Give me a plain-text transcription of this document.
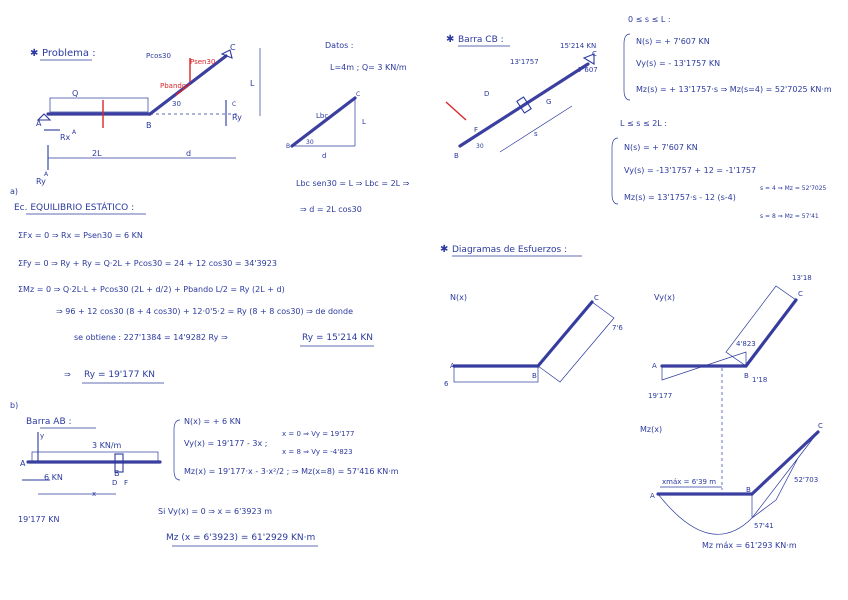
✱ Problema :
Q
Pcos30
Psen30
Pbando
30
A	B
C
Rx
A
Ry
A
Ry
C
L
2L	d
Datos :
L=4m ; Q= 3 KN/m
Lbc
L
d
30
B
C
Lbc sen30 = L ⇒ Lbc = 2L ⇒
⇒ d = 2L cos30
a)
Ec. EQUILIBRIO ESTÁTICO :
ΣFx = 0 ⇒ Rx = Psen30 = 6 KN
ΣFy = 0 ⇒ Ry + Ry = Q·2L + Pcos30 = 24 + 12 cos30 = 34'3923
ΣMz = 0 ⇒ Q·2L·L + Pcos30 (2L + d/2) + Pbando L/2 = Ry (2L + d)
⇒ 96 + 12 cos30 (8 + 4 cos30) + 12·0'5·2 = Ry (8 + 8 cos30) ⇒ de donde
se obtiene : 227'1384 = 14'9282 Ry ⇒	Ry = 15'214 KN
⇒ Ry = 19'177 KN
b)
Barra AB :
3 KN/m
y
A
B
D F
6 KN
x
19'177 KN
N(x) = + 6 KN
Vy(x) = 19'177 - 3x ;
x = 0 ⇒ Vy = 19'177
x = 8 ⇒ Vy = -4'823
Mz(x) = 19'177·x - 3·x²/2 ; ⇒ Mz(x=8) = 57'416 KN·m
Si Vy(x) = 0 ⇒ x = 6'3923 m
Mz (x = 6'3923) = 61'2929 KN·m
✱ Barra CB :
C
B
15'214 KN
13'1757
7'607
G
D
F
30
s
0 ≤ s ≤ L :
N(s) = + 7'607 KN
Vy(s) = - 13'1757 KN
Mz(s) = + 13'1757·s ⇒ Mz(s=4) = 52'7025 KN·m
L ≤ s ≤ 2L :
N(s) = + 7'607 KN
Vy(s) = -13'1757 + 12 = -1'1757
Mz(s) = 13'1757·s - 12 (s-4)
s = 4 ⇒ Mz = 52'7025
s = 8 ⇒ Mz = 57'41
✱ Diagramas de Esfuerzos :
N(x)
6
7'6
A
B
C	Vy(x)
19'177
4'823
1'18
13'18
A
B
C
Mz(x)
xmáx = 6'39 m	52'703
57'41
A
B
C
Mz máx = 61'293 KN·m
